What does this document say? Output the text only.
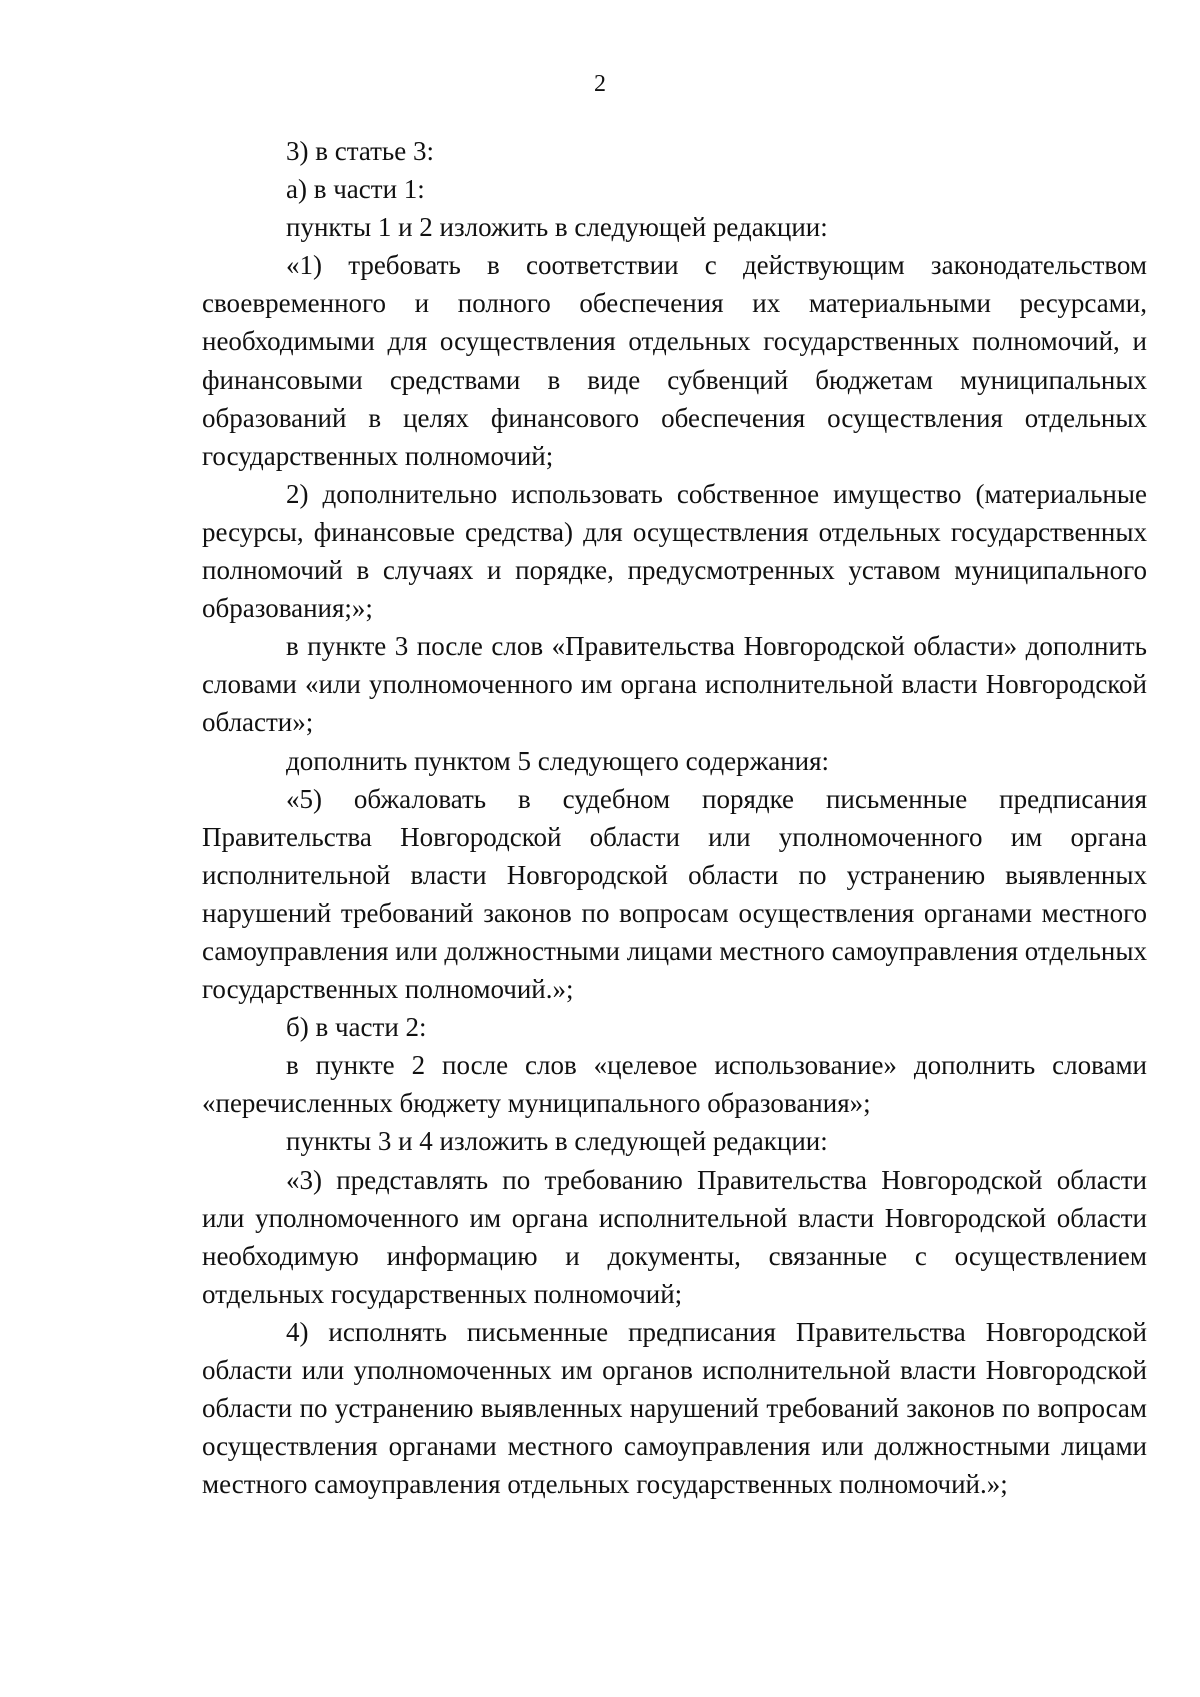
2

3) в статье 3:

а) в части 1:

пункты 1 и 2 изложить в следующей редакции:

«1) требовать в соответствии с действующим законодательством своевременного и полного обеспечения их материальными ресурсами, необходимыми для осуществления отдельных государственных полномочий, и финансовыми средствами в виде субвенций бюджетам муниципальных образований в целях финансового обеспечения осуществления отдельных государственных полномочий;

2) дополнительно использовать собственное имущество (материальные ресурсы, финансовые средства) для осуществления отдельных государственных полномочий в случаях и порядке, предусмотренных уставом муниципального образования;»;

в пункте 3 после слов «Правительства Новгородской области» дополнить словами «или уполномоченного им органа исполнительной власти Новгородской области»;

дополнить пунктом 5 следующего содержания:

«5) обжаловать в судебном порядке письменные предписания Правительства Новгородской области или уполномоченного им органа исполнительной власти Новгородской области по устранению выявленных нарушений требований законов по вопросам осуществления органами местного самоуправления или должностными лицами местного самоуправления отдельных государственных полномочий.»;

б) в части 2:

в пункте 2 после слов «целевое использование» дополнить словами «перечисленных бюджету муниципального образования»;

пункты 3 и 4 изложить в следующей редакции:

«3) представлять по требованию Правительства Новгородской области или уполномоченного им органа исполнительной власти Новгородской области необходимую информацию и документы, связанные с осуществлением отдельных государственных полномочий;

4) исполнять письменные предписания Правительства Новгородской области или уполномоченных им органов исполнительной власти Новгородской области по устранению выявленных нарушений требований законов по вопросам осуществления органами местного самоуправления или должностными лицами местного самоуправления отдельных государственных полномочий.»;
